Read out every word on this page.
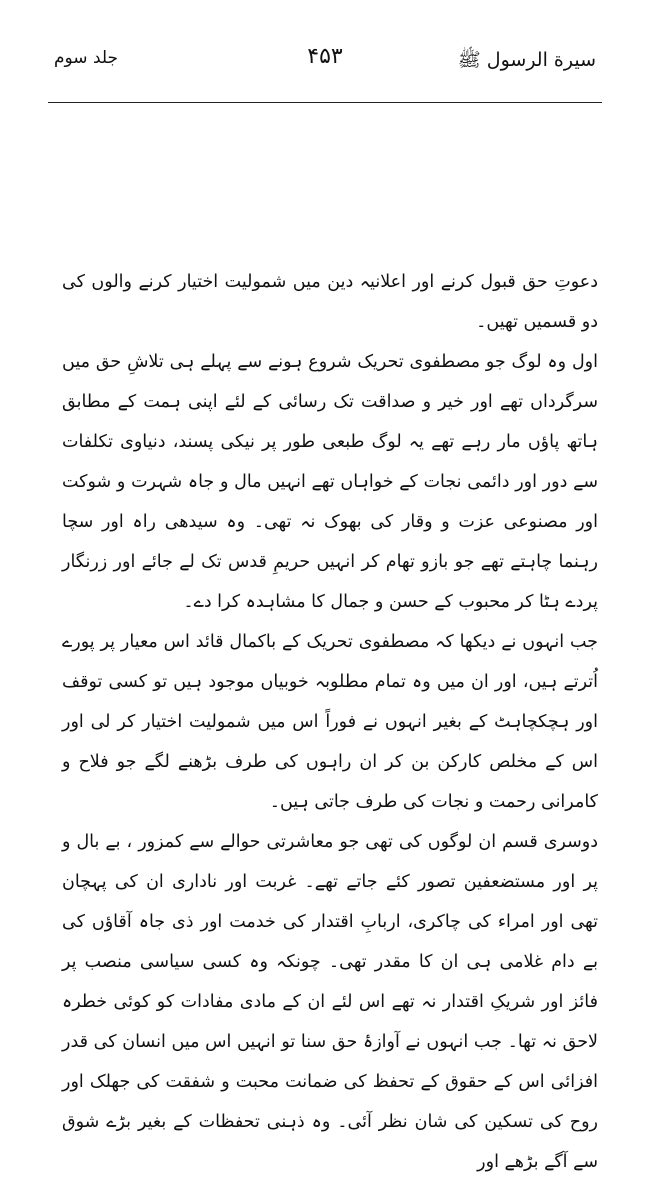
جلد سوم	۴۵۳	سیرة الرسول ﷺ

دعوتِ حق قبول کرنے اور اعلانیہ دین میں شمولیت اختیار کرنے والوں کی دو قسمیں تھیں۔

اول وہ لوگ جو مصطفوی تحریک شروع ہونے سے پہلے ہی تلاشِ حق میں سرگرداں تھے اور خیر و صداقت تک رسائی کے لئے اپنی ہمت کے مطابق ہاتھ پاؤں مار رہے تھے یہ لوگ طبعی طور پر نیکی پسند، دنیاوی تکلفات سے دور اور دائمی نجات کے خواہاں تھے انہیں مال و جاہ شہرت و شوکت اور مصنوعی عزت و وقار کی بھوک نہ تھی۔ وہ سیدھی راہ اور سچا رہنما چاہتے تھے جو بازو تھام کر انہیں حریمِ قدس تک لے جائے اور زرنگار پردے ہٹا کر محبوب کے حسن و جمال کا مشاہدہ کرا دے۔

جب انہوں نے دیکھا کہ مصطفوی تحریک کے باکمال قائد اس معیار پر پورے اُترتے ہیں، اور ان میں وہ تمام مطلوبہ خوبیاں موجود ہیں تو کسی توقف اور ہچکچاہٹ کے بغیر انہوں نے فوراً اس میں شمولیت اختیار کر لی اور اس کے مخلص کارکن بن کر ان راہوں کی طرف بڑھنے لگے جو فلاح و کامرانی رحمت و نجات کی طرف جاتی ہیں۔

دوسری قسم ان لوگوں کی تھی جو معاشرتی حوالے سے کمزور ، بے بال و پر اور مستضعفین تصور کئے جاتے تھے۔ غربت اور ناداری ان کی پہچان تھی اور امراء کی چاکری، اربابِ اقتدار کی خدمت اور ذی جاہ آقاؤں کی بے دام غلامی ہی ان کا مقدر تھی۔ چونکہ وہ کسی سیاسی منصب پر فائز اور شریکِ اقتدار نہ تھے اس لئے ان کے مادی مفادات کو کوئی خطرہ لاحق نہ تھا۔ جب انہوں نے آوازۂ حق سنا تو انہیں اس میں انسان کی قدر افزائی اس کے حقوق کے تحفظ کی ضمانت محبت و شفقت کی جھلک اور روح کی تسکین کی شان نظر آئی۔ وہ ذہنی تحفظات کے بغیر بڑے شوق سے آگے بڑھے اور
